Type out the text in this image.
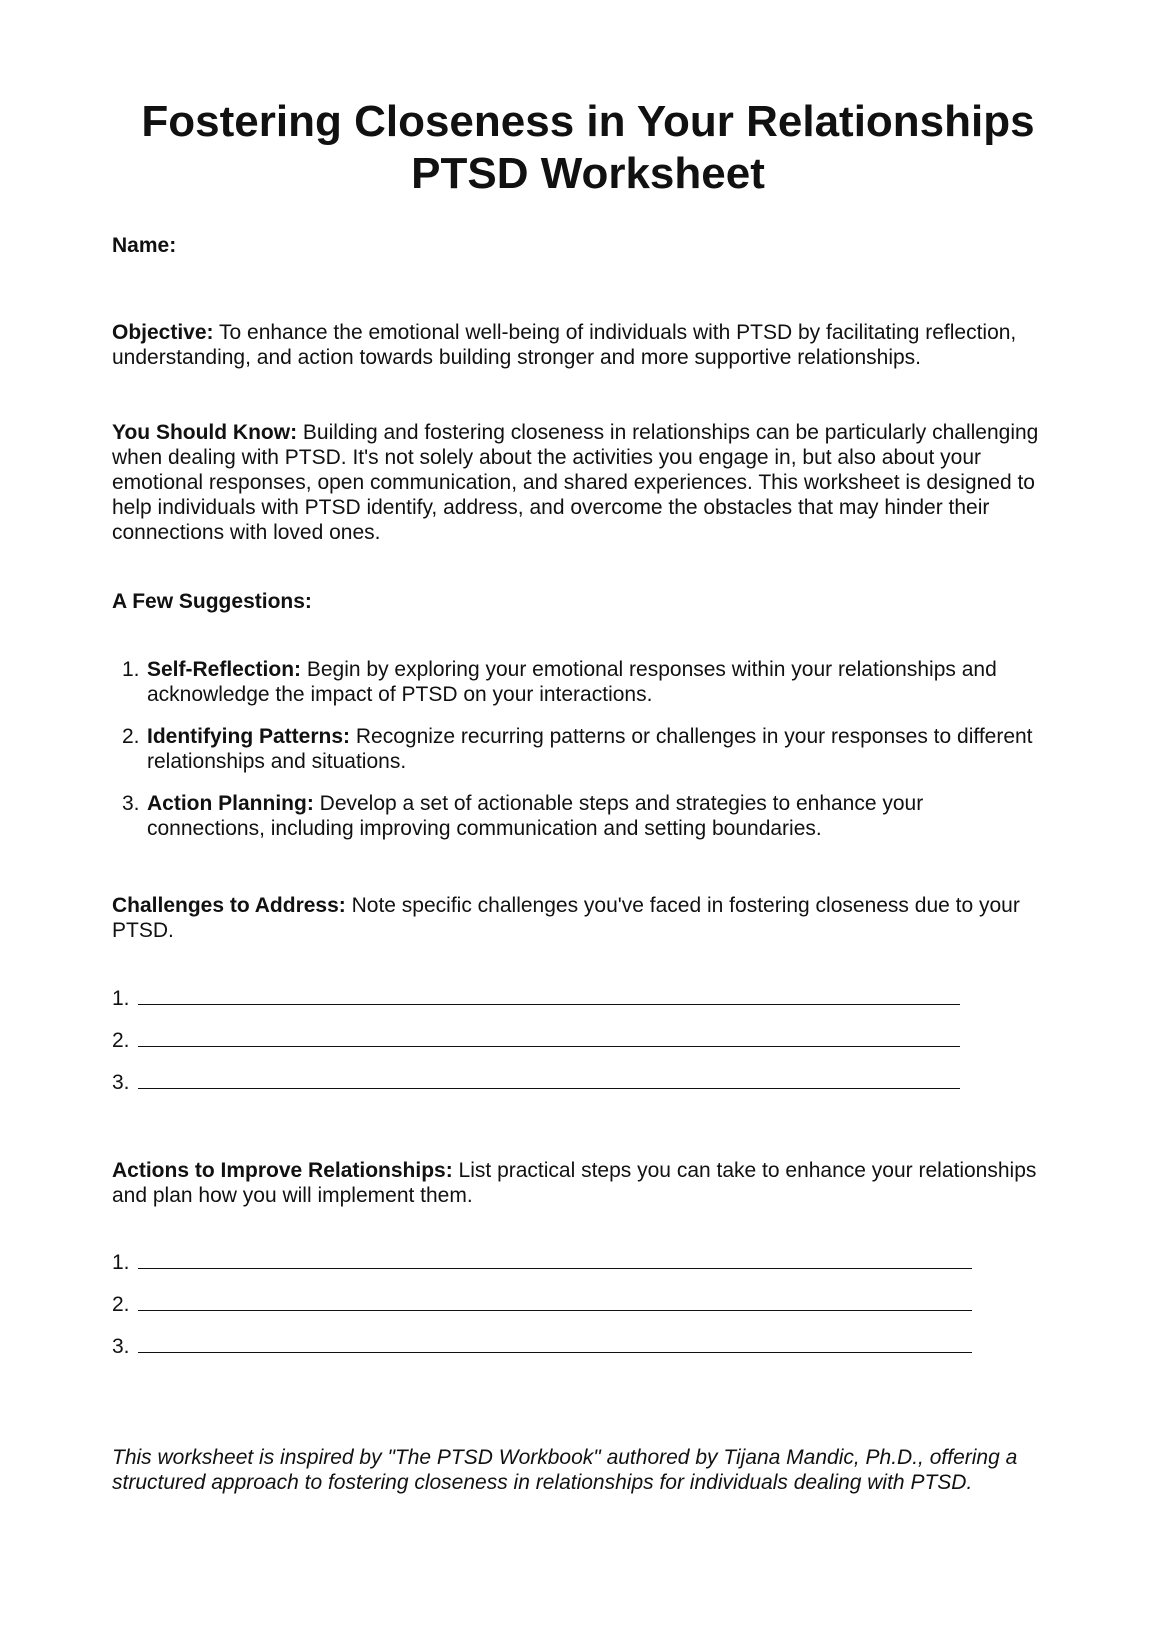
Fostering Closeness in Your Relationships
PTSD Worksheet

Name:

Objective: To enhance the emotional well-being of individuals with PTSD by facilitating reflection, understanding, and action towards building stronger and more supportive relationships.

You Should Know: Building and fostering closeness in relationships can be particularly challenging when dealing with PTSD. It's not solely about the activities you engage in, but also about your emotional responses, open communication, and shared experiences. This worksheet is designed to help individuals with PTSD identify, address, and overcome the obstacles that may hinder their connections with loved ones.

A Few Suggestions:

1. Self-Reflection: Begin by exploring your emotional responses within your relationships and acknowledge the impact of PTSD on your interactions.
2. Identifying Patterns: Recognize recurring patterns or challenges in your responses to different relationships and situations.
3. Action Planning: Develop a set of actionable steps and strategies to enhance your connections, including improving communication and setting boundaries.

Challenges to Address: Note specific challenges you've faced in fostering closeness due to your PTSD.

1.
2.
3.

Actions to Improve Relationships: List practical steps you can take to enhance your relationships and plan how you will implement them.

1.
2.
3.

This worksheet is inspired by "The PTSD Workbook" authored by Tijana Mandic, Ph.D., offering a structured approach to fostering closeness in relationships for individuals dealing with PTSD.
